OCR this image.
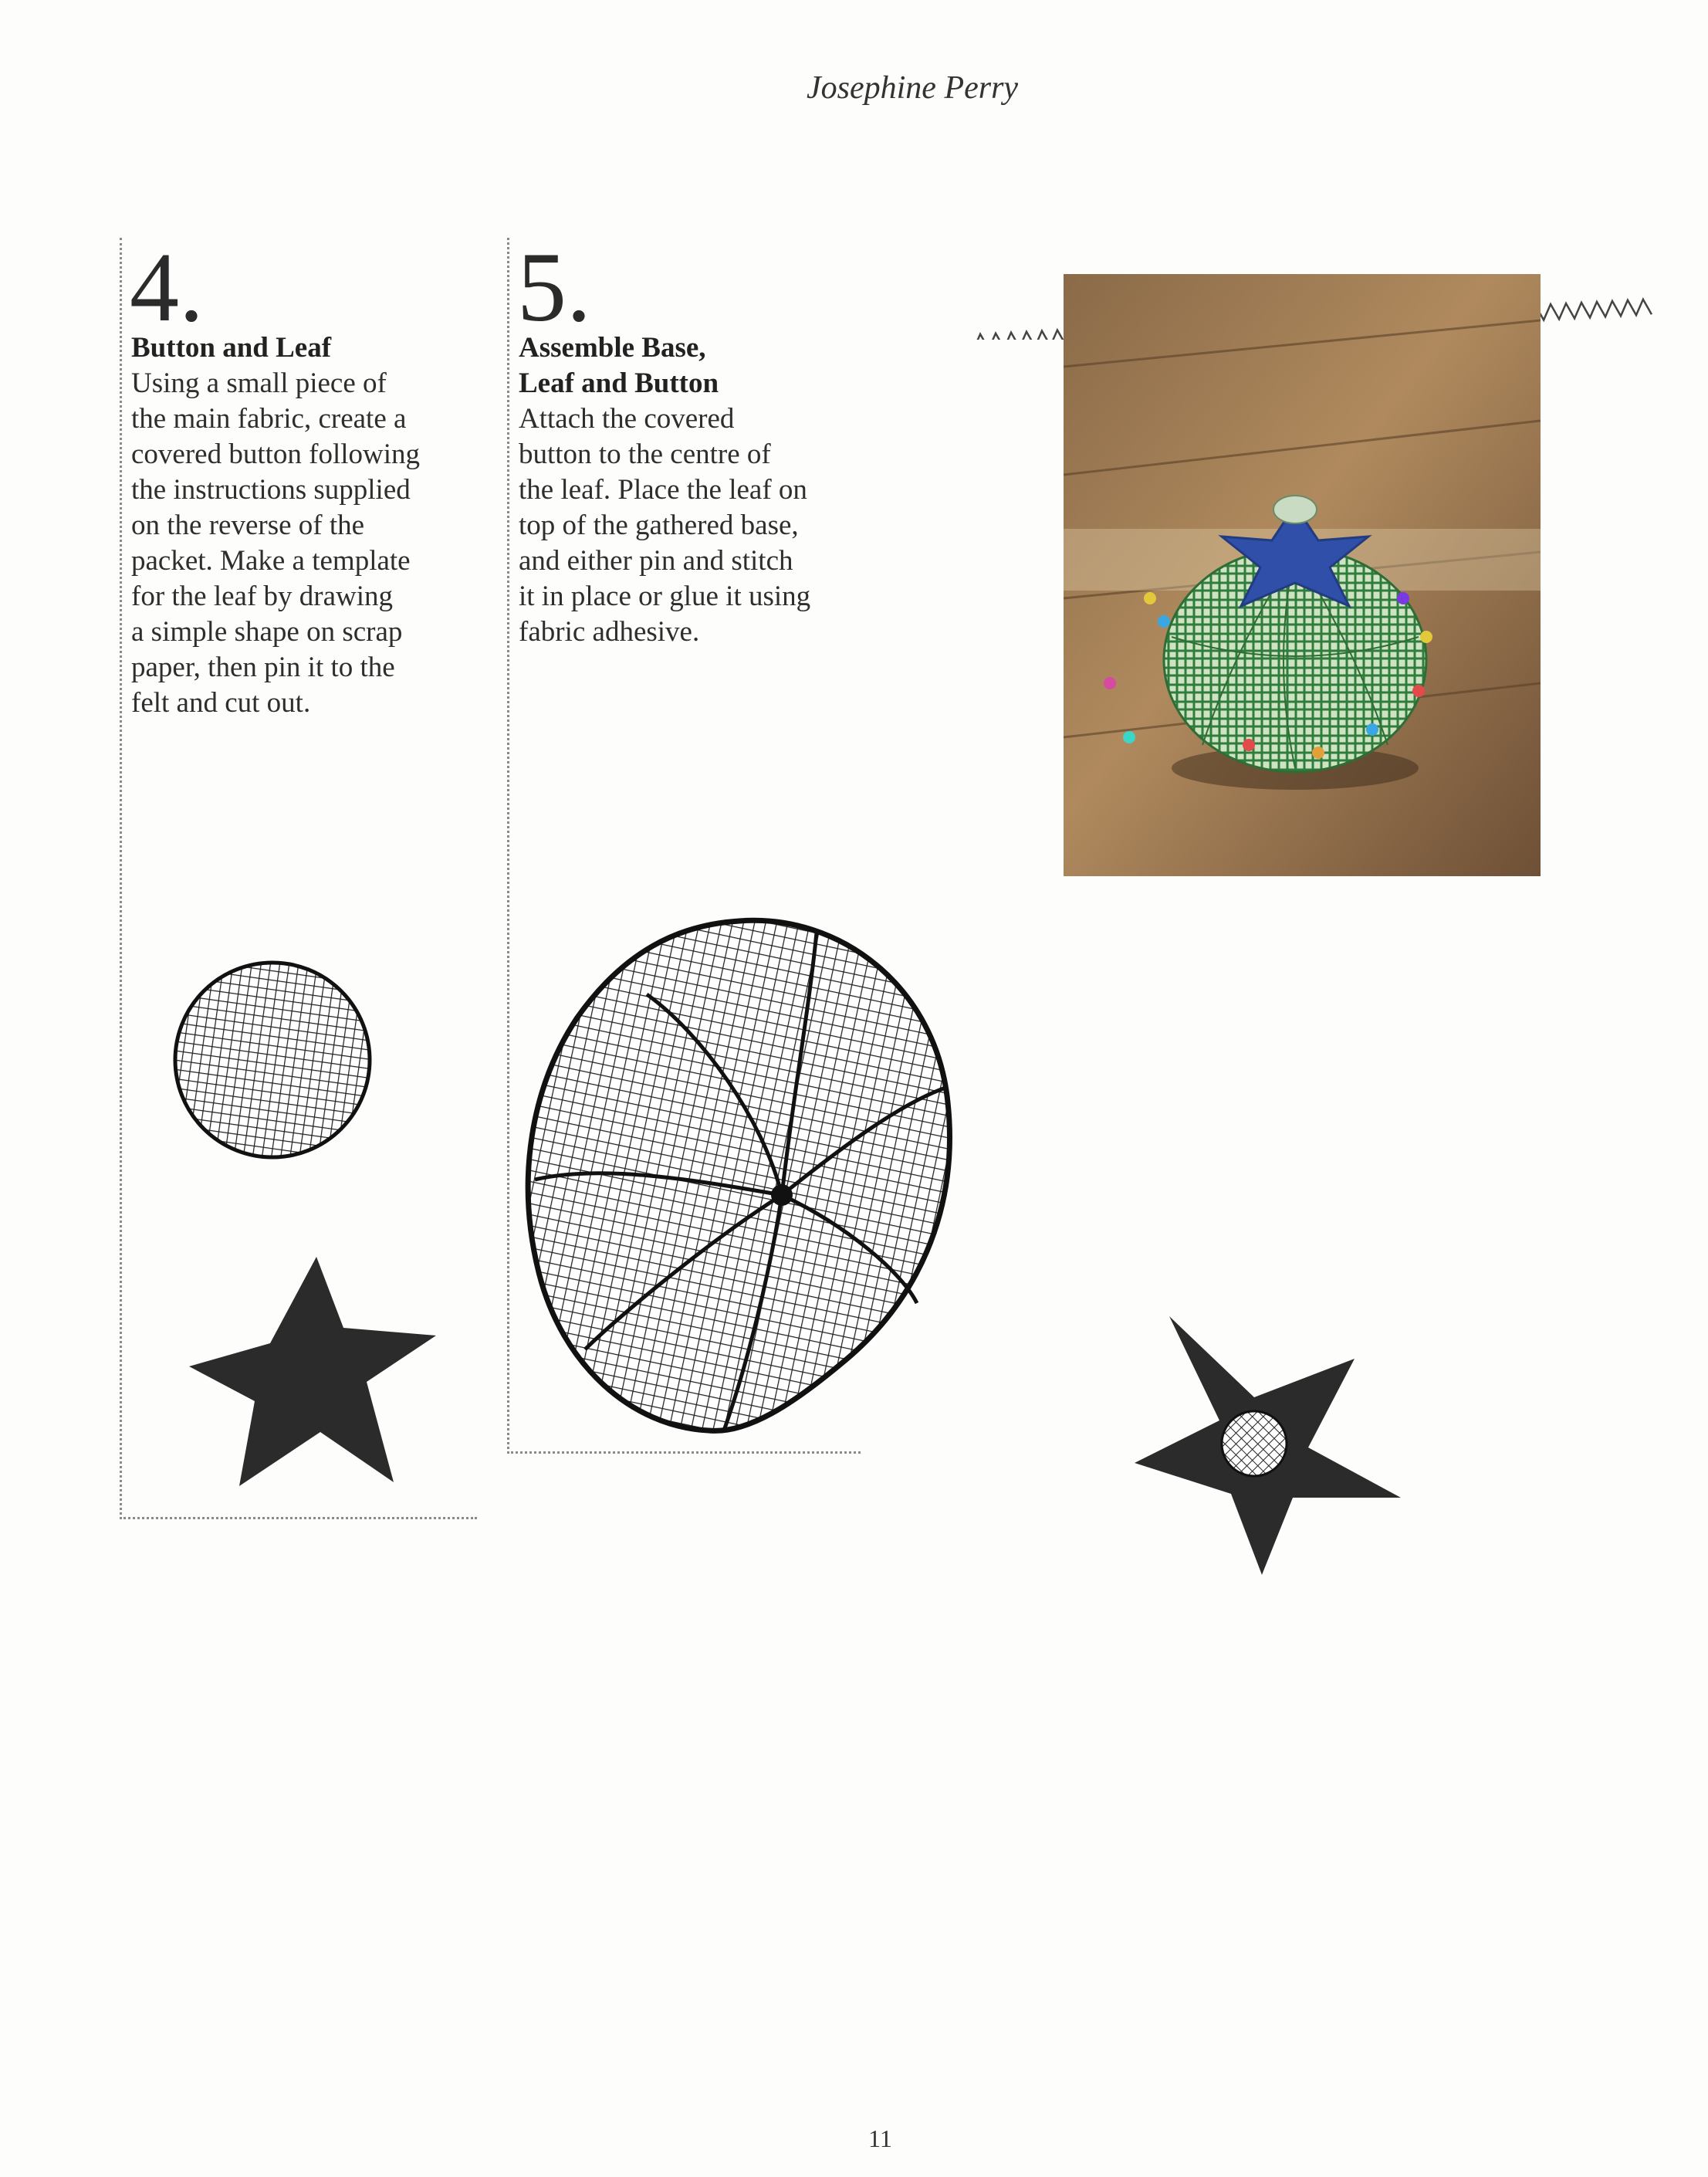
Josephine Perry
4.
Button and Leaf
Using a small piece of
the main fabric, create a
covered button following
the instructions supplied
on the reverse of the
packet. Make a template
for the leaf by drawing
a simple shape on scrap
paper, then pin it to the
felt and cut out.
5.
Assemble Base,
Leaf and Button
Attach the covered
button to the centre of
the leaf. Place the leaf on
top of the gathered base,
and either pin and stitch
it in place or glue it using
fabric adhesive.
11
